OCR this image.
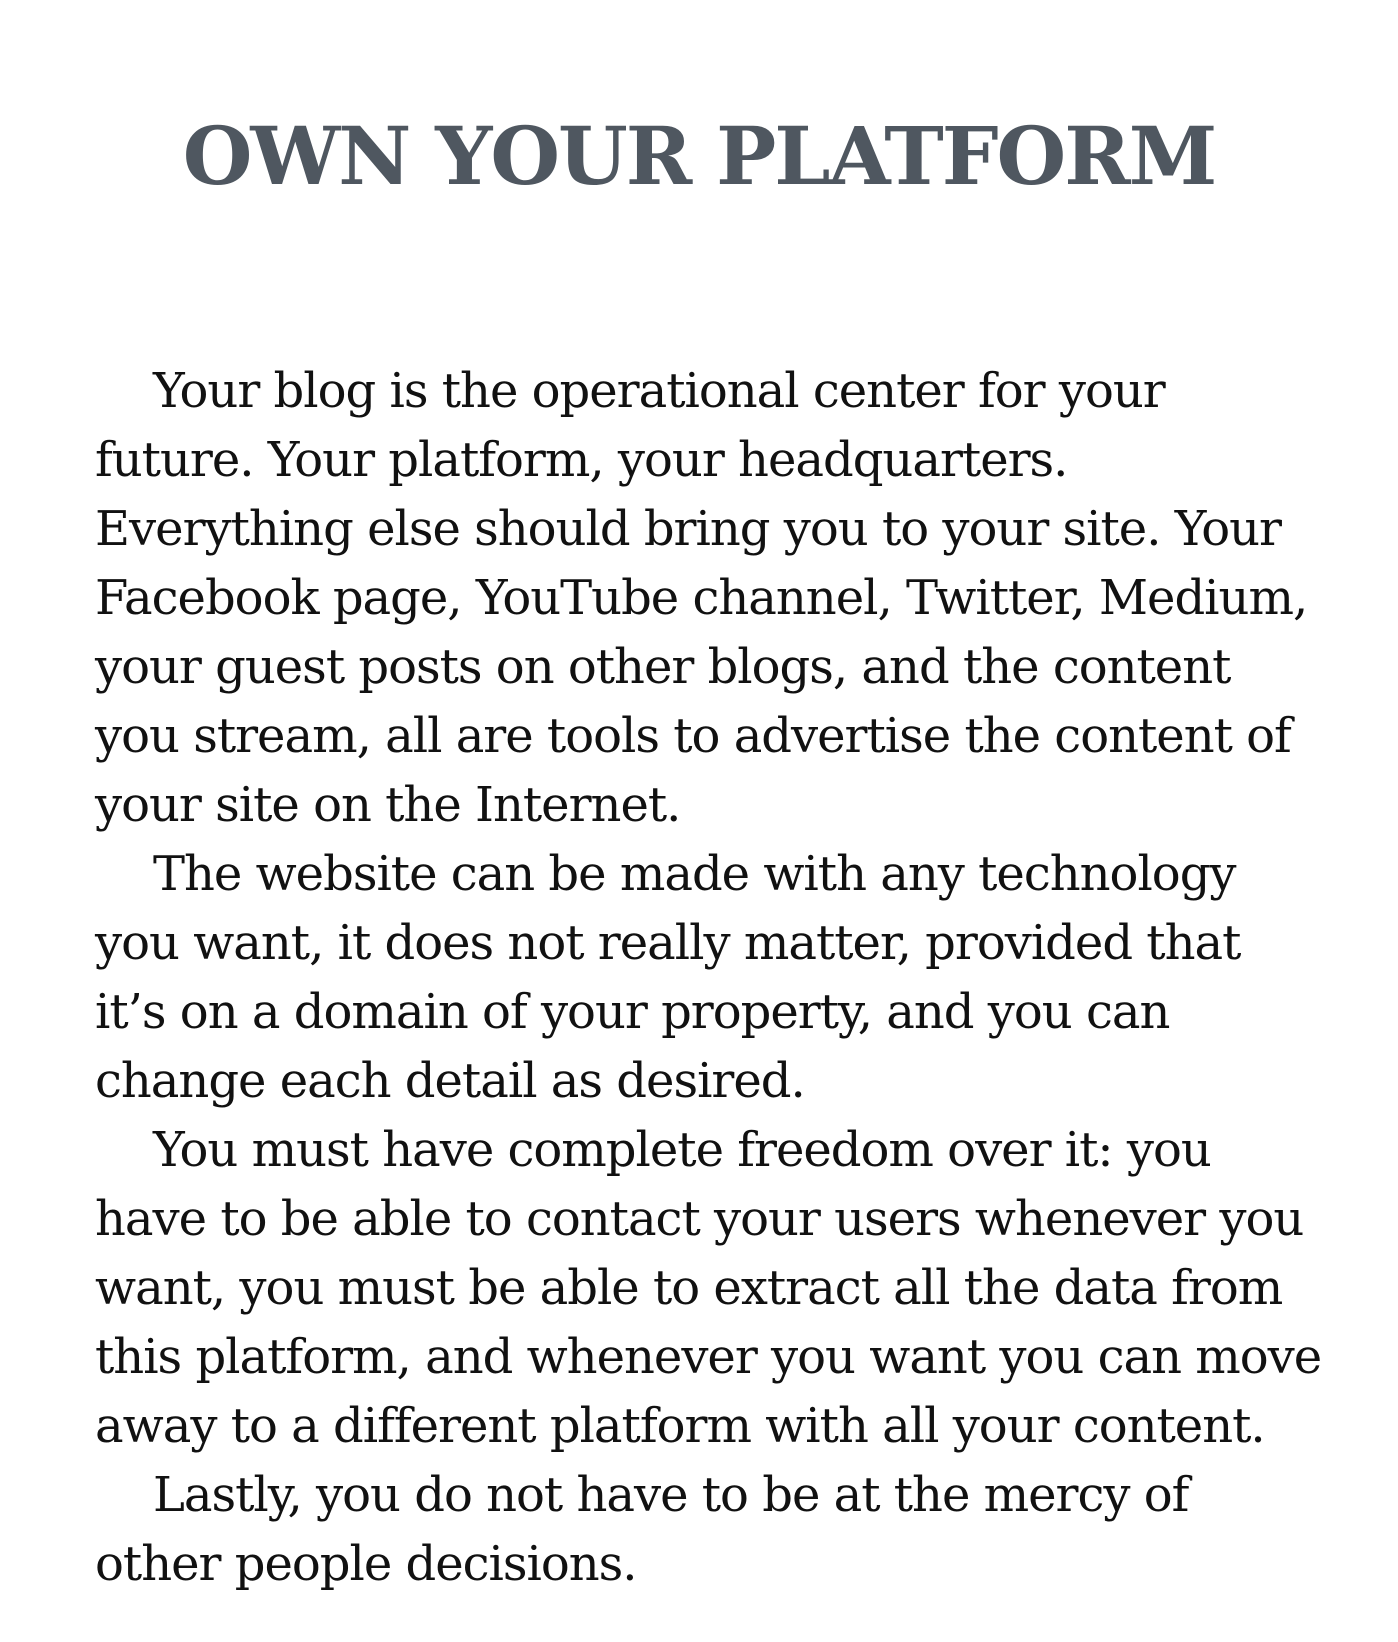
OWN YOUR PLATFORM

Your blog is the operational center for your future. Your platform, your headquarters. Everything else should bring you to your site. Your Facebook page, YouTube channel, Twitter, Medium, your guest posts on other blogs, and the content you stream, all are tools to advertise the content of your site on the Internet.

The website can be made with any technology you want, it does not really matter, provided that it’s on a domain of your property, and you can change each detail as desired.

You must have complete freedom over it: you have to be able to contact your users whenever you want, you must be able to extract all the data from this platform, and whenever you want you can move away to a different platform with all your content.

Lastly, you do not have to be at the mercy of other people decisions.
